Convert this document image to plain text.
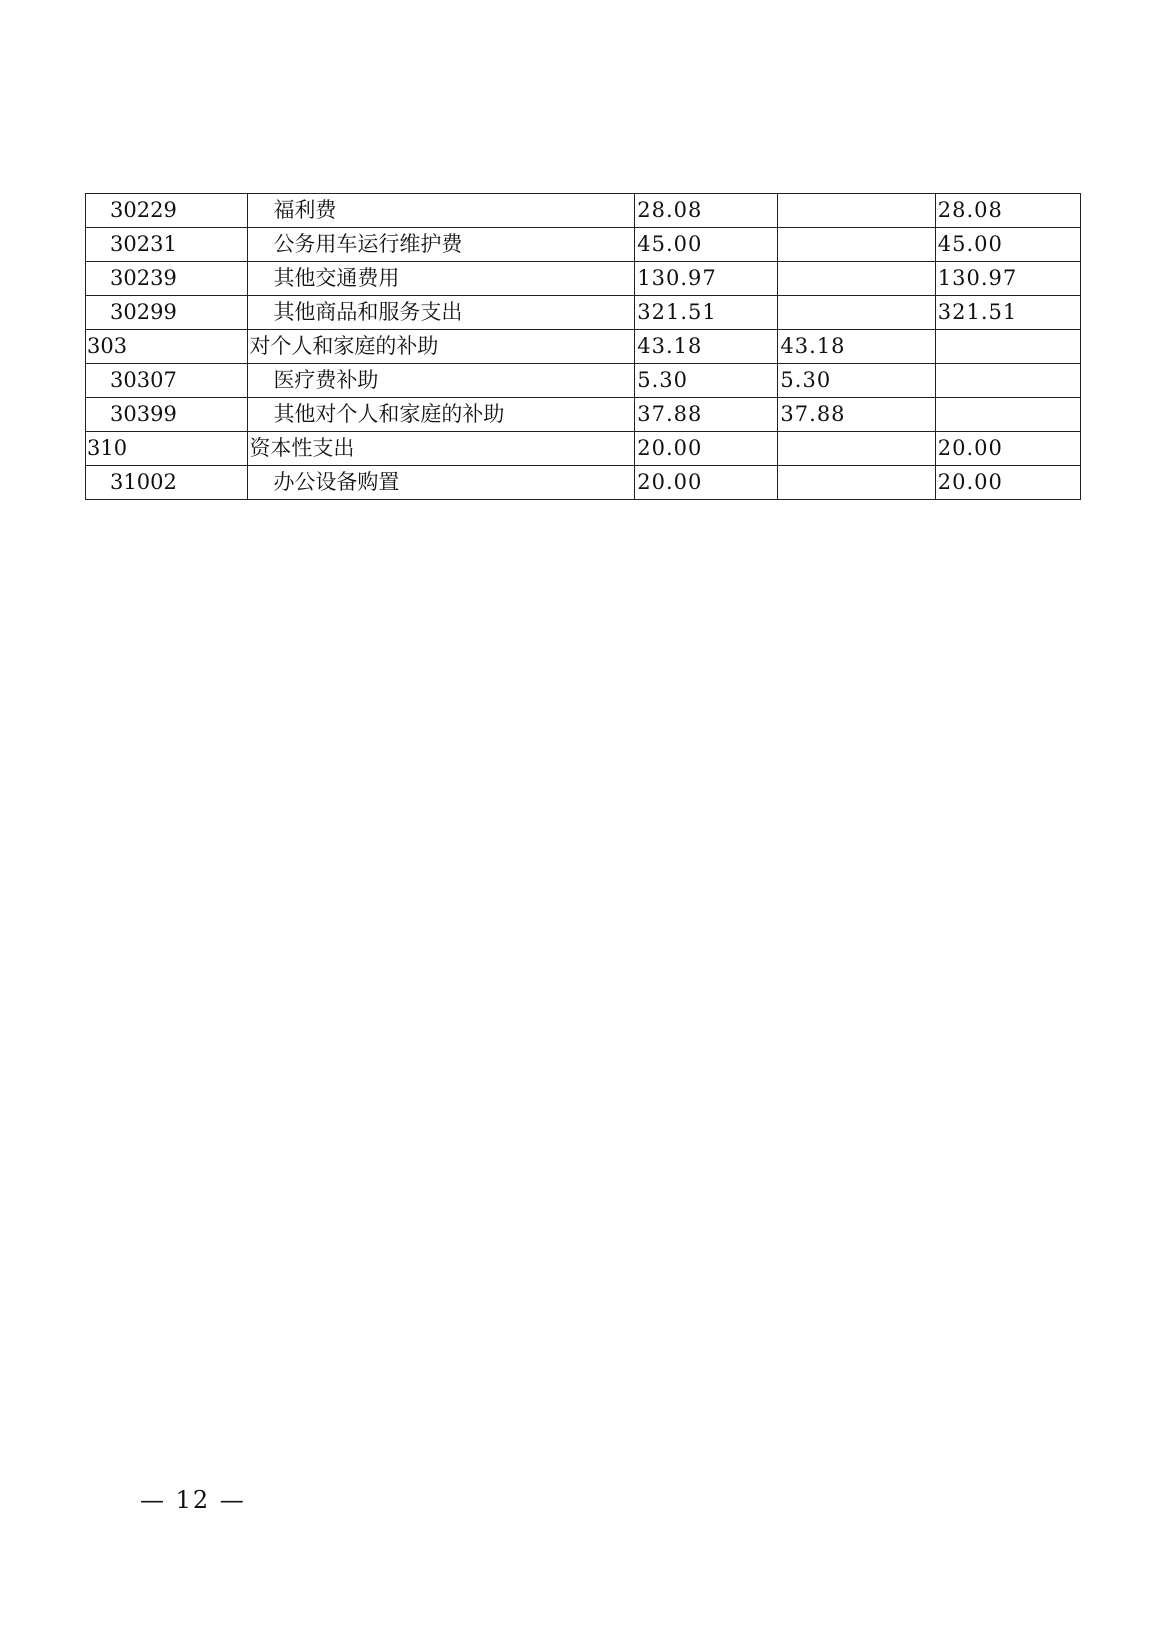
30229	福利费	28.08		28.08
30231	公务用车运行维护费	45.00		45.00
30239	其他交通费用	130.97		130.97
30299	其他商品和服务支出	321.51		321.51
303	对个人和家庭的补助	43.18	43.18	
30307	医疗费补助	5.30	5.30	
30399	其他对个人和家庭的补助	37.88	37.88	
310	资本性支出	20.00		20.00
31002	办公设备购置	20.00		20.00
— 12 —
